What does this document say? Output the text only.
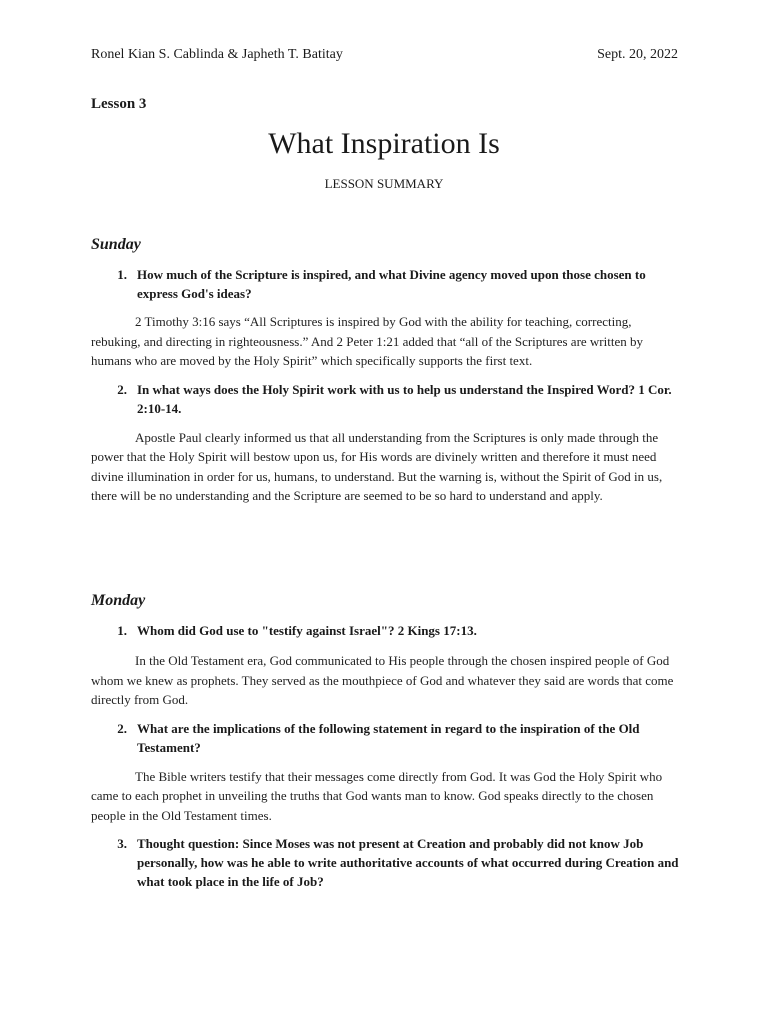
Ronel Kian S. Cablinda & Japheth T. Batitay	Sept. 20, 2022
Lesson 3
What Inspiration Is
LESSON SUMMARY

Sunday

1. How much of the Scripture is inspired, and what Divine agency moved upon those chosen to express God's ideas?

2 Timothy 3:16 says “All Scriptures is inspired by God with the ability for teaching, correcting, rebuking, and directing in righteousness.” And 2 Peter 1:21 added that “all of the Scriptures are written by humans who are moved by the Holy Spirit” which specifically supports the first text.

2. In what ways does the Holy Spirit work with us to help us understand the Inspired Word? 1 Cor. 2:10-14.

Apostle Paul clearly informed us that all understanding from the Scriptures is only made through the power that the Holy Spirit will bestow upon us, for His words are divinely written and therefore it must need divine illumination in order for us, humans, to understand. But the warning is, without the Spirit of God in us, there will be no understanding and the Scripture are seemed to be so hard to understand and apply.

Monday

1. Whom did God use to "testify against Israel"? 2 Kings 17:13.

In the Old Testament era, God communicated to His people through the chosen inspired people of God whom we knew as prophets. They served as the mouthpiece of God and whatever they said are words that come directly from God.

2. What are the implications of the following statement in regard to the inspiration of the Old Testament?

The Bible writers testify that their messages come directly from God. It was God the Holy Spirit who came to each prophet in unveiling the truths that God wants man to know. God speaks directly to the chosen people in the Old Testament times.

3. Thought question: Since Moses was not present at Creation and probably did not know Job personally, how was he able to write authoritative accounts of what occurred during Creation and what took place in the life of Job?
